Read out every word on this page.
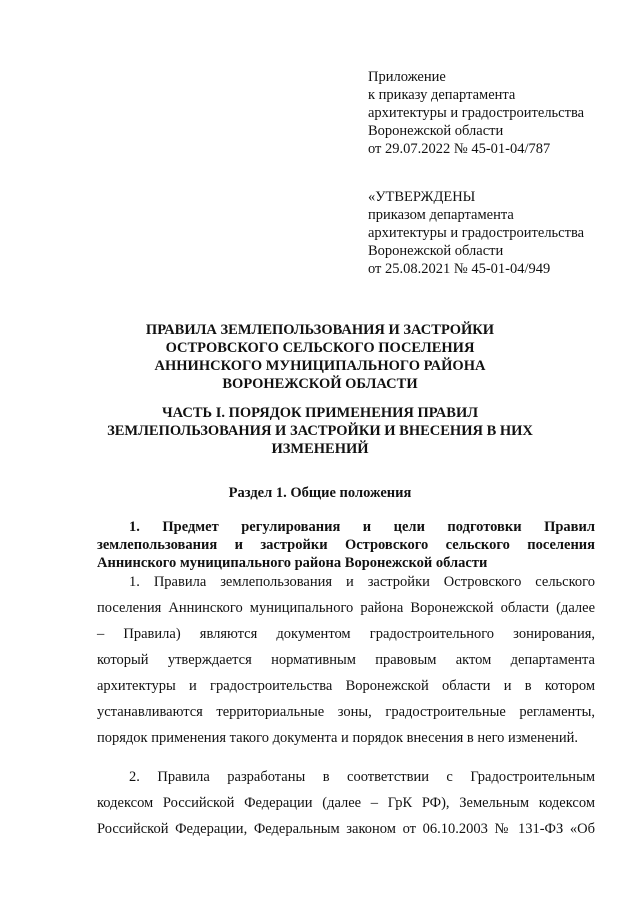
Приложение
к приказу департамента
архитектуры и градостроительства
Воронежской области
от 29.07.2022 № 45-01-04/787
«УТВЕРЖДЕНЫ
приказом департамента
архитектуры и градостроительства
Воронежской области
от 25.08.2021 № 45-01-04/949
ПРАВИЛА ЗЕМЛЕПОЛЬЗОВАНИЯ И ЗАСТРОЙКИ
ОСТРОВСКОГО СЕЛЬСКОГО ПОСЕЛЕНИЯ
АННИНСКОГО МУНИЦИПАЛЬНОГО РАЙОНА
ВОРОНЕЖСКОЙ ОБЛАСТИ
ЧАСТЬ I. ПОРЯДОК ПРИМЕНЕНИЯ ПРАВИЛ
ЗЕМЛЕПОЛЬЗОВАНИЯ И ЗАСТРОЙКИ И ВНЕСЕНИЯ В НИХ
ИЗМЕНЕНИЙ
Раздел 1. Общие положения
1. Предмет регулирования и цели подготовки Правил
землепользования и застройки Островского сельского поселения
Аннинского муниципального района Воронежской области
1. Правила землепользования и застройки Островского сельского
поселения Аннинского муниципального района Воронежской области (далее
– Правила) являются документом градостроительного зонирования,
который утверждается нормативным правовым актом департамента
архитектуры и градостроительства Воронежской области и в котором
устанавливаются территориальные зоны, градостроительные регламенты,
порядок применения такого документа и порядок внесения в него изменений.
2. Правила разработаны в соответствии с Градостроительным
кодексом Российской Федерации (далее – ГрК РФ), Земельным кодексом
Российской Федерации, Федеральным законом от 06.10.2003 № 131-ФЗ «Об
